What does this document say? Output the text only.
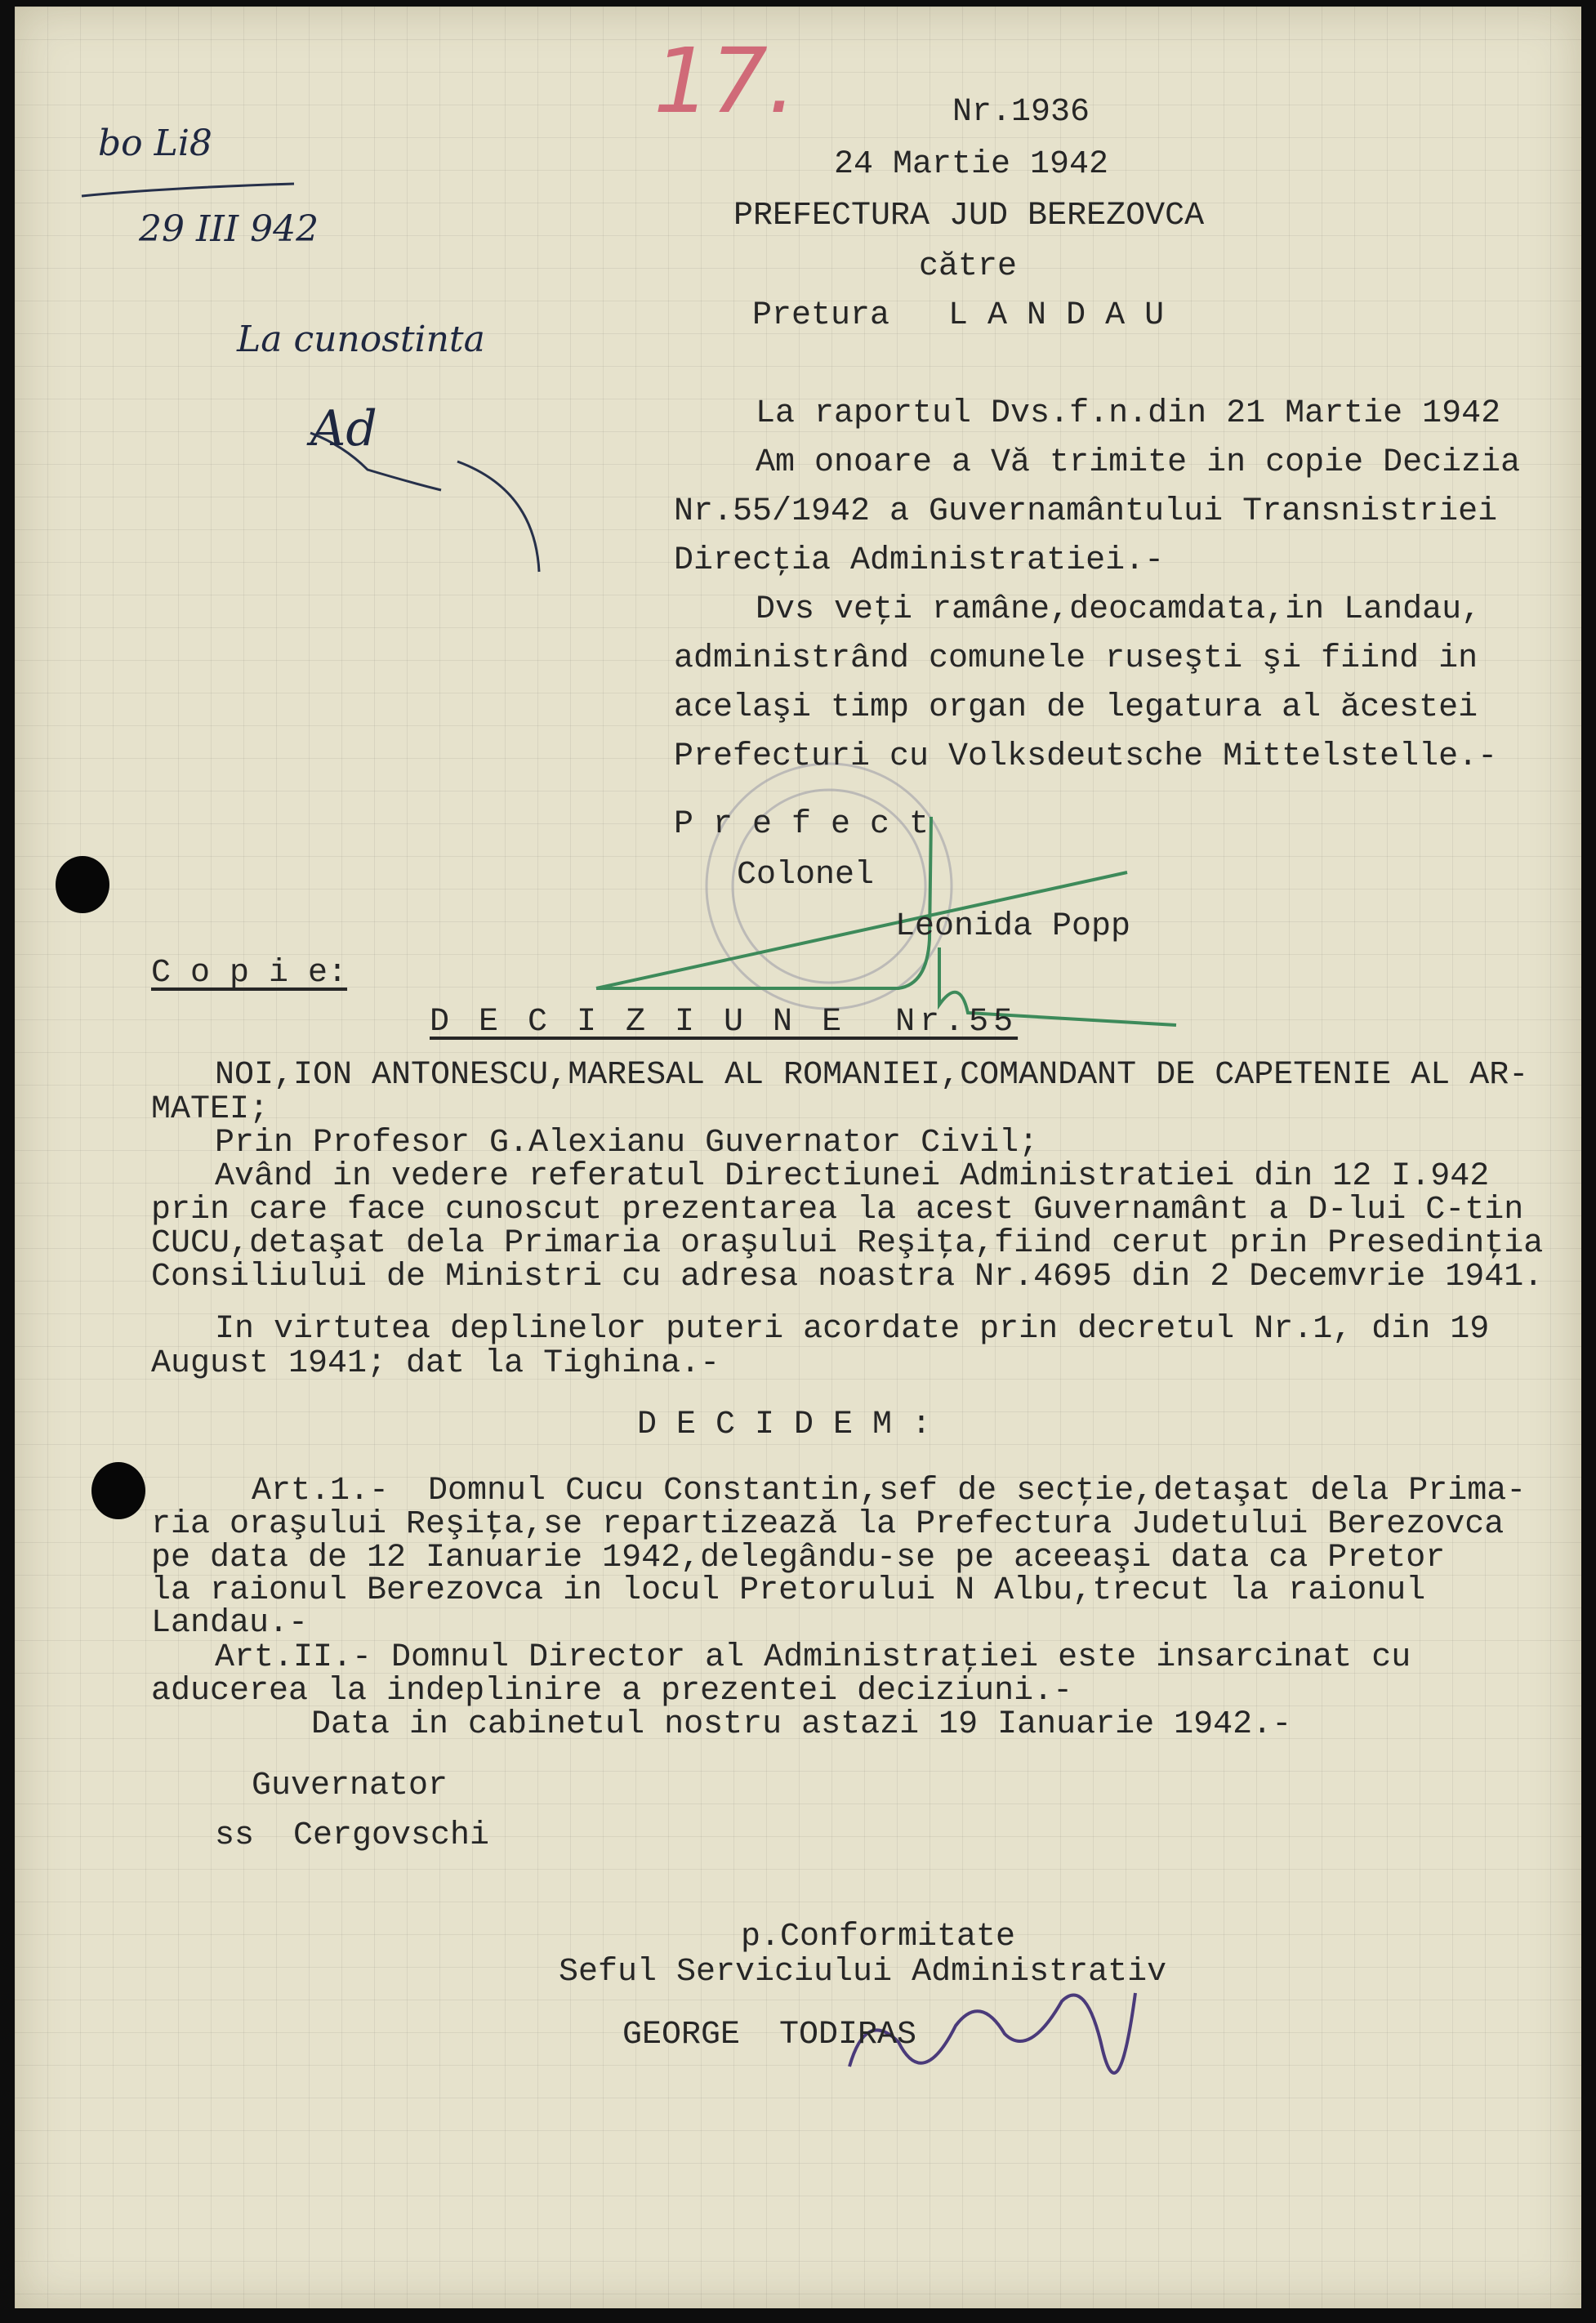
17.
bo Li8
29 III 942
La cunostinta
Ad
Nr.1936
24 Martie 1942
PREFECTURA JUD BEREZOVCA
către
Pretura   L A N D A U
La raportul Dvs.f.n.din 21 Martie 1942
Am onoare a Vă trimite in copie Decizia
Nr.55/1942 a Guvernamântului Transnistriei
Direcţia Administratiei.-
Dvs veţi ramâne,deocamdata,in Landau,
administrând comunele ruseşti şi fiind in
acelaşi timp organ de legatura al ăcestei
Prefecturi cu Volksdeutsche Mittelstelle.-
P r e f e c t
Colonel
Leonida Popp
C o p i e:
D E C I Z I U N E  Nr.55
NOI,ION ANTONESCU,MARESAL AL ROMANIEI,COMANDANT DE CAPETENIE AL AR-
MATEI;
Prin Profesor G.Alexianu Guvernator Civil;
Având in vedere referatul Directiunei Administratiei din 12 I.942
prin care face cunoscut prezentarea la acest Guvernamânt a D-lui C-tin
CUCU,detaşat dela Primaria oraşului Reşiţa,fiind cerut prin Presedinţia
Consiliului de Ministri cu adresa noastra Nr.4695 din 2 Decemvrie 1941.
In virtutea deplinelor puteri acordate prin decretul Nr.1, din 19
August 1941; dat la Tighina.-
D E C I D E M :
Art.1.-  Domnul Cucu Constantin,sef de secţie,detaşat dela Prima-
ria oraşului Reşiţa,se repartizează la Prefectura Judetului Berezovca
pe data de 12 Ianuarie 1942,delegându-se pe aceeaşi data ca Pretor
la raionul Berezovca in locul Pretorului N Albu,trecut la raionul
Landau.-
Art.II.- Domnul Director al Administraţiei este insarcinat cu
aducerea la indeplinire a prezentei deciziuni.-
Data in cabinetul nostru astazi 19 Ianuarie 1942.-
Guvernator
ss  Cergovschi
p.Conformitate
Seful Serviciului Administrativ
GEORGE  TODIRAS
